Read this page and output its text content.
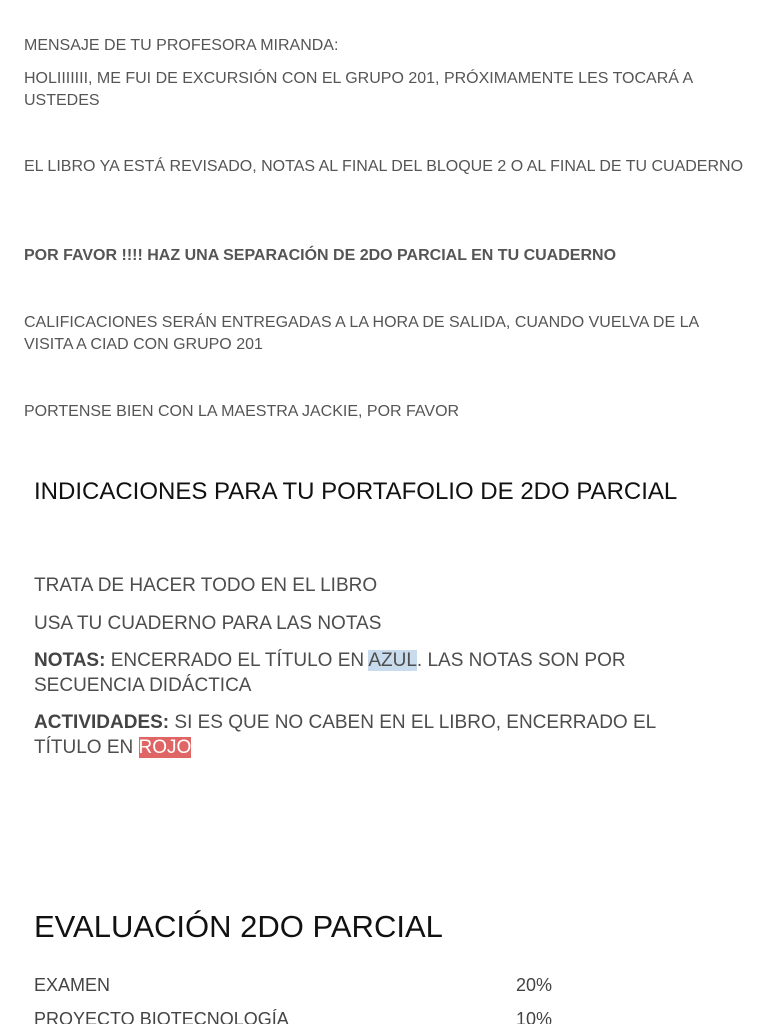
MENSAJE DE TU PROFESORA MIRANDA:
HOLIIIIIII, ME FUI DE EXCURSIÓN CON EL GRUPO 201, PRÓXIMAMENTE LES TOCARÁ A USTEDES
EL LIBRO YA ESTÁ REVISADO, NOTAS AL FINAL DEL BLOQUE 2 O AL FINAL DE TU CUADERNO
POR FAVOR !!!! HAZ UNA SEPARACIÓN DE 2DO PARCIAL EN TU CUADERNO
CALIFICACIONES SERÁN ENTREGADAS A LA HORA DE SALIDA, CUANDO VUELVA DE LA VISITA A CIAD CON GRUPO 201
PORTENSE BIEN CON LA MAESTRA JACKIE, POR FAVOR
INDICACIONES PARA TU PORTAFOLIO DE 2DO PARCIAL
TRATA DE HACER TODO EN EL LIBRO
USA TU CUADERNO PARA LAS NOTAS
NOTAS: ENCERRADO EL TÍTULO EN AZUL. LAS NOTAS SON POR SECUENCIA DIDÁCTICA
ACTIVIDADES: SI ES QUE NO CABEN EN EL LIBRO, ENCERRADO EL TÍTULO EN ROJO
EVALUACIÓN 2DO PARCIAL
EXAMEN	20%
PROYECTO BIOTECNOLOGÍA	10%
